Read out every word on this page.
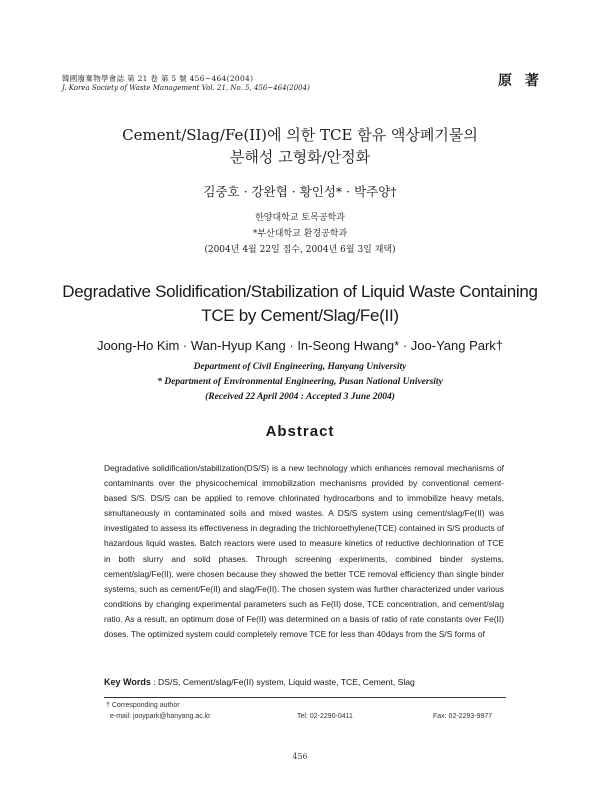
韓國廢棄物學會誌 第 21 卷 第 5 號 456~464(2004)
J. Korea Society of Waste Management Vol. 21, No. 5, 456~464(2004)	原 著
Cement/Slag/Fe(II)에 의한 TCE 함유 액상폐기물의
분해성 고형화/안정화
김중호 · 강완협 · 황인성* · 박주양†
한양대학교 토목공학과
*부산대학교 환경공학과
(2004년 4월 22일 접수, 2004년 6월 3일 채택)
Degradative Solidification/Stabilization of Liquid Waste Containing
TCE by Cement/Slag/Fe(II)
Joong-Ho Kim · Wan-Hyup Kang · In-Seong Hwang* · Joo-Yang Park†
Department of Civil Engineering, Hanyang University
* Department of Environmental Engineering, Pusan National University
(Received 22 April 2004 : Accepted 3 June 2004)
Abstract
Degradative solidification/stabilization(DS/S) is a new technology which enhances removal mechanisms of contaminants over the physicochemical immobilization mechanisms provided by conventional cement-based S/S. DS/S can be applied to remove chlorinated hydrocarbons and to immobilize heavy metals, simultaneously in contaminated soils and mixed wastes. A DS/S system using cement/slag/Fe(II) was investigated to assess its effectiveness in degrading the trichloroethylene(TCE) contained in S/S products of hazardous liquid wastes. Batch reactors were used to measure kinetics of reductive dechlorination of TCE in both slurry and solid phases. Through screening experiments, combined binder systems, cement/slag/Fe(II), were chosen because they showed the better TCE removal efficiency than single binder systems, such as cement/Fe(II) and slag/Fe(II). The chosen system was further characterized under various conditions by changing experimental parameters such as Fe(II) dose, TCE concentration, and cement/slag ratio. As a result, an optimum dose of Fe(II) was determined on a basis of ratio of rate constants over Fe(II) doses. The optimized system could completely remove TCE for less than 40days from the S/S forms of
Key Words : DS/S, Cement/slag/Fe(II) system, Liquid waste, TCE, Cement, Slag
† Corresponding author
e-mail: jooypark@hanyang.ac.kr	Tel: 02-2290-0411	Fax: 02-2293-9977
456
